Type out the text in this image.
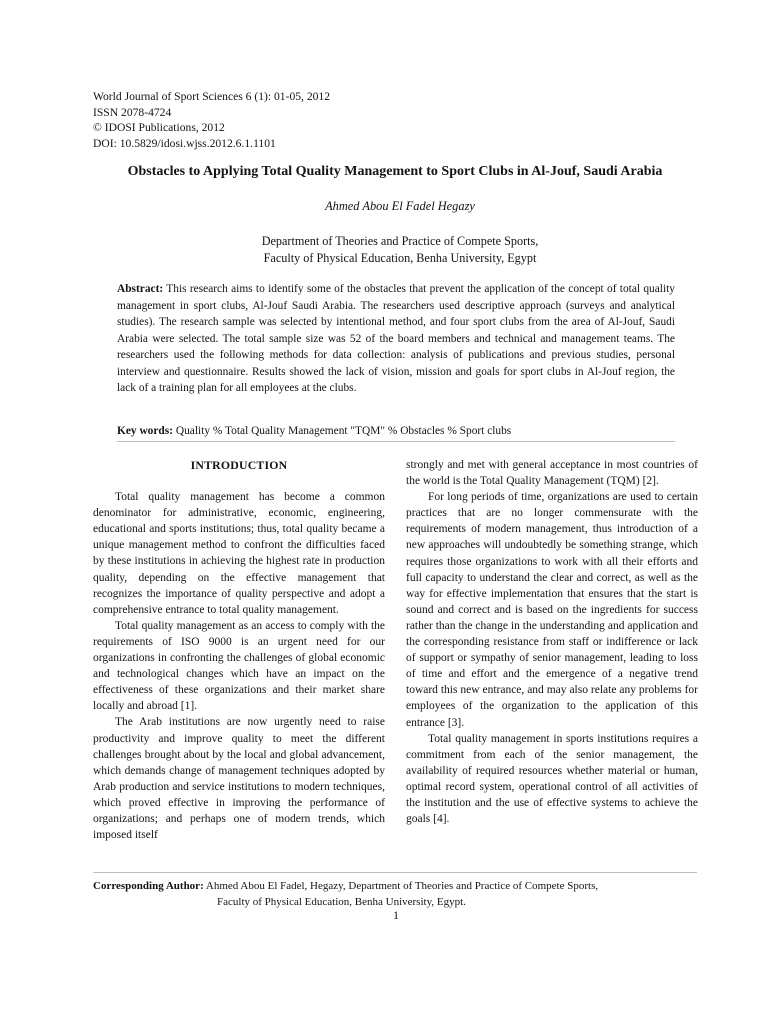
World Journal of Sport Sciences 6 (1): 01-05, 2012
ISSN 2078-4724
© IDOSI Publications, 2012
DOI: 10.5829/idosi.wjss.2012.6.1.1101
Obstacles to Applying Total Quality Management to Sport Clubs in Al-Jouf, Saudi Arabia
Ahmed Abou El Fadel Hegazy
Department of Theories and Practice of Compete Sports,
Faculty of Physical Education, Benha University, Egypt
Abstract: This research aims to identify some of the obstacles that prevent the application of the concept of total quality management in sport clubs, Al-Jouf Saudi Arabia. The researchers used descriptive approach (surveys and analytical studies). The research sample was selected by intentional method, and four sport clubs from the area of Al-Jouf, Saudi Arabia were selected. The total sample size was 52 of the board members and technical and management teams. The researchers used the following methods for data collection: analysis of publications and previous studies, personal interview and questionnaire. Results showed the lack of vision, mission and goals for sport clubs in Al-Jouf region, the lack of a training plan for all employees at the clubs.
Key words: Quality % Total Quality Management "TQM" % Obstacles % Sport clubs
INTRODUCTION

Total quality management has become a common denominator for administrative, economic, engineering, educational and sports institutions; thus, total quality became a unique management method to confront the difficulties faced by these institutions in achieving the highest rate in production quality, depending on the effective management that recognizes the importance of quality perspective and adopt a comprehensive entrance to total quality management.

Total quality management as an access to comply with the requirements of ISO 9000 is an urgent need for our organizations in confronting the challenges of global economic and technological changes which have an impact on the effectiveness of these organizations and their market share locally and abroad [1].

The Arab institutions are now urgently need to raise productivity and improve quality to meet the different challenges brought about by the local and global advancement, which demands change of management techniques adopted by Arab production and service institutions to modern techniques, which proved effective in improving the performance of organizations; and perhaps one of modern trends, which imposed itself

strongly and met with general acceptance in most countries of the world is the Total Quality Management (TQM) [2].

For long periods of time, organizations are used to certain practices that are no longer commensurate with the requirements of modern management, thus introduction of a new approaches will undoubtedly be something strange, which requires those organizations to work with all their efforts and full capacity to understand the clear and correct, as well as the way for effective implementation that ensures that the start is sound and correct and is based on the ingredients for success rather than the change in the understanding and application and the corresponding resistance from staff or indifference or lack of support or sympathy of senior management, leading to loss of time and effort and the emergence of a negative trend toward this new entrance, and may also relate any problems for employees of the organization to the application of this entrance [3].

Total quality management in sports institutions requires a commitment from each of the senior management, the availability of required resources whether material or human, optimal record system, operational control of all activities of the institution and the use of effective systems to achieve the goals [4].

Corresponding Author: Ahmed Abou El Fadel, Hegazy, Department of Theories and Practice of Compete Sports,
Faculty of Physical Education, Benha University, Egypt.
1
